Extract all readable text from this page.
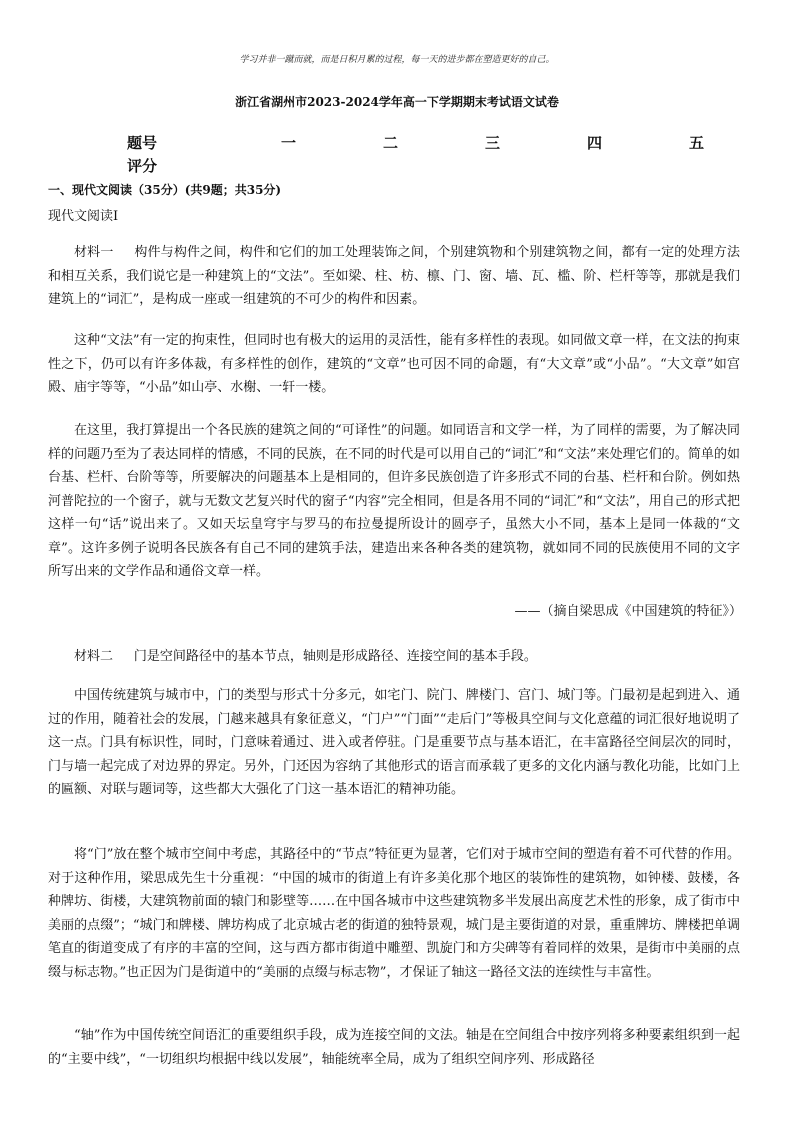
学习并非一蹴而就，而是日积月累的过程，每一天的进步都在塑造更好的自己。
浙江省湖州市2023-2024学年高一下学期期末考试语文试卷
题号	一	二	三	四	五
评分
一、现代文阅读（35分）(共9题；共35分)
现代文阅读Ⅰ

材料一 构件与构件之间，构件和它们的加工处理装饰之间，个别建筑物和个别建筑物之间，都有一定的处理方法和相互关系，我们说它是一种建筑上的“文法”。至如梁、柱、枋、檩、门、窗、墙、瓦、槛、阶、栏杆等等，那就是我们建筑上的“词汇”，是构成一座或一组建筑的不可少的构件和因素。

这种“文法”有一定的拘束性，但同时也有极大的运用的灵活性，能有多样性的表现。如同做文章一样，在文法的拘束性之下，仍可以有许多体裁，有多样性的创作，建筑的“文章”也可因不同的命题，有“大文章”或“小品”。“大文章”如宫殿、庙宇等等，“小品”如山亭、水榭、一轩一楼。

在这里，我打算提出一个各民族的建筑之间的“可译性”的问题。如同语言和文学一样，为了同样的需要，为了解决同样的问题乃至为了表达同样的情感，不同的民族，在不同的时代是可以用自己的“词汇”和“文法”来处理它们的。简单的如台基、栏杆、台阶等等，所要解决的问题基本上是相同的，但许多民族创造了许多形式不同的台基、栏杆和台阶。例如热河普陀拉的一个窗子，就与无数文艺复兴时代的窗子“内容”完全相同，但是各用不同的“词汇”和“文法”，用自己的形式把这样一句“话”说出来了。又如天坛皇穹宇与罗马的布拉曼提所设计的圆亭子，虽然大小不同，基本上是同一体裁的“文章”。这许多例子说明各民族各有自己不同的建筑手法，建造出来各种各类的建筑物，就如同不同的民族使用不同的文字所写出来的文学作品和通俗文章一样。

——（摘自梁思成《中国建筑的特征》）

材料二 门是空间路径中的基本节点，轴则是形成路径、连接空间的基本手段。

中国传统建筑与城市中，门的类型与形式十分多元，如宅门、院门、牌楼门、宫门、城门等。门最初是起到进入、通过的作用，随着社会的发展，门越来越具有象征意义，“门户”“门面”“走后门”等极具空间与文化意蕴的词汇很好地说明了这一点。门具有标识性，同时，门意味着通过、进入或者停驻。门是重要节点与基本语汇，在丰富路径空间层次的同时，门与墙一起完成了对边界的界定。另外，门还因为容纳了其他形式的语言而承载了更多的文化内涵与教化功能，比如门上的匾额、对联与题词等，这些都大大强化了门这一基本语汇的精神功能。

将“门”放在整个城市空间中考虑，其路径中的“节点”特征更为显著，它们对于城市空间的塑造有着不可代替的作用。对于这种作用，梁思成先生十分重视：“中国的城市的街道上有许多美化那个地区的装饰性的建筑物，如钟楼、鼓楼，各种牌坊、街楼，大建筑物前面的辕门和影壁等……在中国各城市中这些建筑物多半发展出高度艺术性的形象，成了街市中美丽的点缀”；“城门和牌楼、牌坊构成了北京城古老的街道的独特景观，城门是主要街道的对景，重重牌坊、牌楼把单调笔直的街道变成了有序的丰富的空间，这与西方都市街道中雕塑、凯旋门和方尖碑等有着同样的效果，是街市中美丽的点缀与标志物。”也正因为门是街道中的“美丽的点缀与标志物”，才保证了轴这一路径文法的连续性与丰富性。

“轴”作为中国传统空间语汇的重要组织手段，成为连接空间的文法。轴是在空间组合中按序列将多种要素组织到一起的“主要中线”，“一切组织均根据中线以发展”，轴能统率全局，成为了组织空间序列、形成路径
